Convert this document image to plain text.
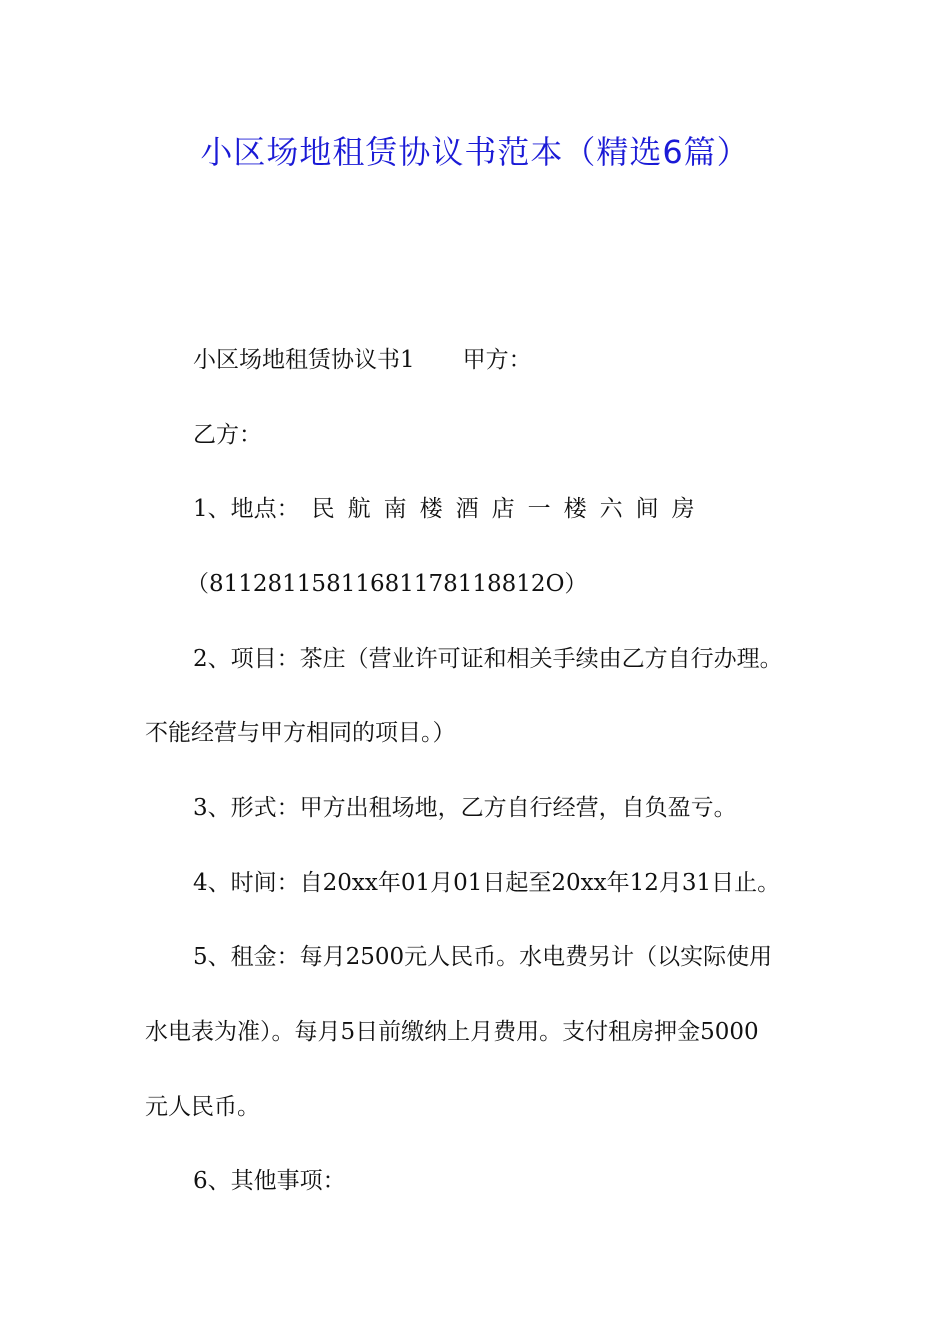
小区场地租赁协议书范本（精选6篇）
小区场地租赁协议书1 甲方：
乙方：
1、地点： 民航南楼酒店一楼六间房
（81128115811681178118812О）
2、项目：茶庄（营业许可证和相关手续由乙方自行办理。
不能经营与甲方相同的项目。）
3、形式：甲方出租场地，乙方自行经营，自负盈亏。
4、时间：自20xx年01月01日起至20xx年12月31日止。
5、租金：每月2500元人民币。水电费另计（以实际使用
水电表为准）。每月5日前缴纳上月费用。支付租房押金5000
元人民币。
6、其他事项：
